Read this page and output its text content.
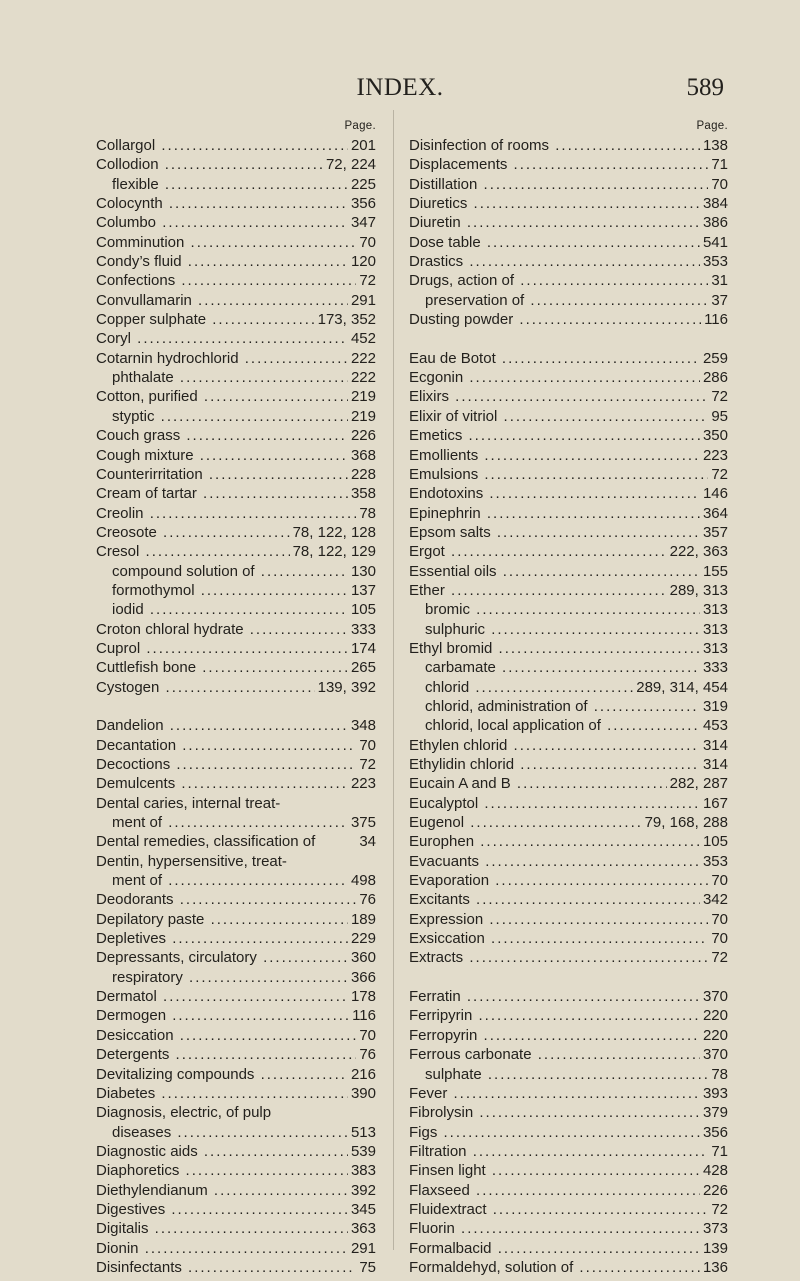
INDEX.	589
Page.
Collargol .....	201
Collodion .....	72, 224
flexible .....	225
Colocynth .....	356
Columbo .....	347
Comminution .....	70
Condy’s fluid .....	120
Confections .....	72
Convullamarin .....	291
Copper sulphate .....	173, 352
Coryl .....	452
Cotarnin hydrochlorid .....	222
phthalate .....	222
Cotton, purified .....	219
styptic .....	219
Couch grass .....	226
Cough mixture .....	368
Counterirritation .....	228
Cream of tartar .....	358
Creolin .....	78
Creosote .....	78, 122, 128
Cresol .....	78, 122, 129
compound solution of .....	130
formothymol .....	137
iodid .....	105
Croton chloral hydrate .....	333
Cuprol .....	174
Cuttlefish bone .....	265
Cystogen .....	139, 392
Dandelion .....	348
Decantation .....	70
Decoctions .....	72
Demulcents .....	223
Dental caries, internal treat-
ment of .....	375
Dental remedies, classification of	34
Dentin, hypersensitive, treat-
ment of .....	498
Deodorants .....	76
Depilatory paste .....	189
Depletives .....	229
Depressants, circulatory .....	360
respiratory .....	366
Dermatol .....	178
Dermogen .....	116
Desiccation .....	70
Detergents .....	76
Devitalizing compounds .....	216
Diabetes .....	390
Diagnosis, electric, of pulp
diseases .....	513
Diagnostic aids .....	539
Diaphoretics .....	383
Diethylendianum .....	392
Digestives .....	345
Digitalis .....	363
Dionin .....	291
Disinfectants .....	75
Page.
Disinfection of rooms .....	138
Displacements .....	71
Distillation .....	70
Diuretics .....	384
Diuretin .....	386
Dose table .....	541
Drastics .....	353
Drugs, action of .....	31
preservation of .....	37
Dusting powder .....	116
Eau de Botot .....	259
Ecgonin .....	286
Elixirs .....	72
Elixir of vitriol .....	95
Emetics .....	350
Emollients .....	223
Emulsions .....	72
Endotoxins .....	146
Epinephrin .....	364
Epsom salts .....	357
Ergot .....	222, 363
Essential oils .....	155
Ether .....	289, 313
bromic .....	313
sulphuric .....	313
Ethyl bromid .....	313
carbamate .....	333
chlorid .....	289, 314, 454
chlorid, administration of .....	319
chlorid, local application of .....	453
Ethylen chlorid .....	314
Ethylidin chlorid .....	314
Eucain A and B .....	282, 287
Eucalyptol .....	167
Eugenol .....	79, 168, 288
Europhen .....	105
Evacuants .....	353
Evaporation .....	70
Excitants .....	342
Expression .....	70
Exsiccation .....	70
Extracts .....	72
Ferratin .....	370
Ferripyrin .....	220
Ferropyrin .....	220
Ferrous carbonate .....	370
sulphate .....	78
Fever .....	393
Fibrolysin .....	379
Figs .....	356
Filtration .....	71
Finsen light .....	428
Flaxseed .....	226
Fluidextract .....	72
Fluorin .....	373
Formalbacid .....	139
Formaldehyd, solution of .....	136
